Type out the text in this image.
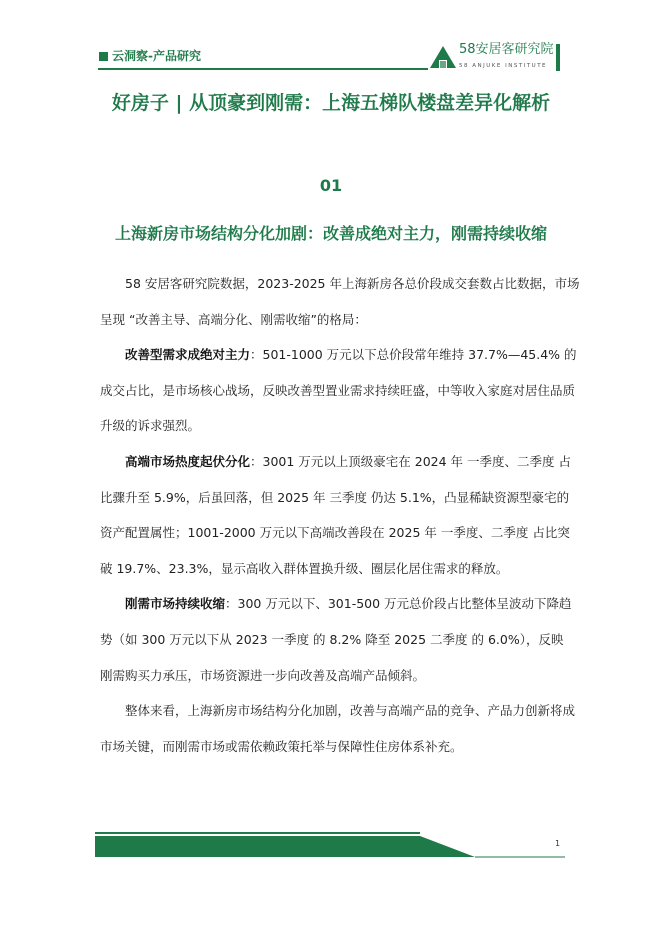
云洞察-产品研究	58安居客研究院
58 ANJUKE INSTITUTE
好房子 | 从顶豪到刚需：上海五梯队楼盘差异化解析
01
上海新房市场结构分化加剧：改善成绝对主力，刚需持续收缩
58 安居客研究院数据，2023-2025 年上海新房各总价段成交套数占比数据，市场
呈现 “改善主导、高端分化、刚需收缩”的格局：
改善型需求成绝对主力：501-1000 万元以下总价段常年维持 37.7%—45.4% 的
成交占比，是市场核心战场，反映改善型置业需求持续旺盛，中等收入家庭对居住品质
升级的诉求强烈。
高端市场热度起伏分化：3001 万元以上顶级豪宅在 2024 年 一季度、二季度 占
比骤升至 5.9%，后虽回落，但 2025 年 三季度 仍达 5.1%，凸显稀缺资源型豪宅的
资产配置属性；1001-2000 万元以下高端改善段在 2025 年 一季度、二季度 占比突
破 19.7%、23.3%，显示高收入群体置换升级、圈层化居住需求的释放。
刚需市场持续收缩：300 万元以下、301-500 万元总价段占比整体呈波动下降趋
势（如 300 万元以下从 2023 一季度 的 8.2% 降至 2025 二季度 的 6.0%），反映
刚需购买力承压，市场资源进一步向改善及高端产品倾斜。
整体来看，上海新房市场结构分化加剧，改善与高端产品的竞争、产品力创新将成
市场关键，而刚需市场或需依赖政策托举与保障性住房体系补充。
1
